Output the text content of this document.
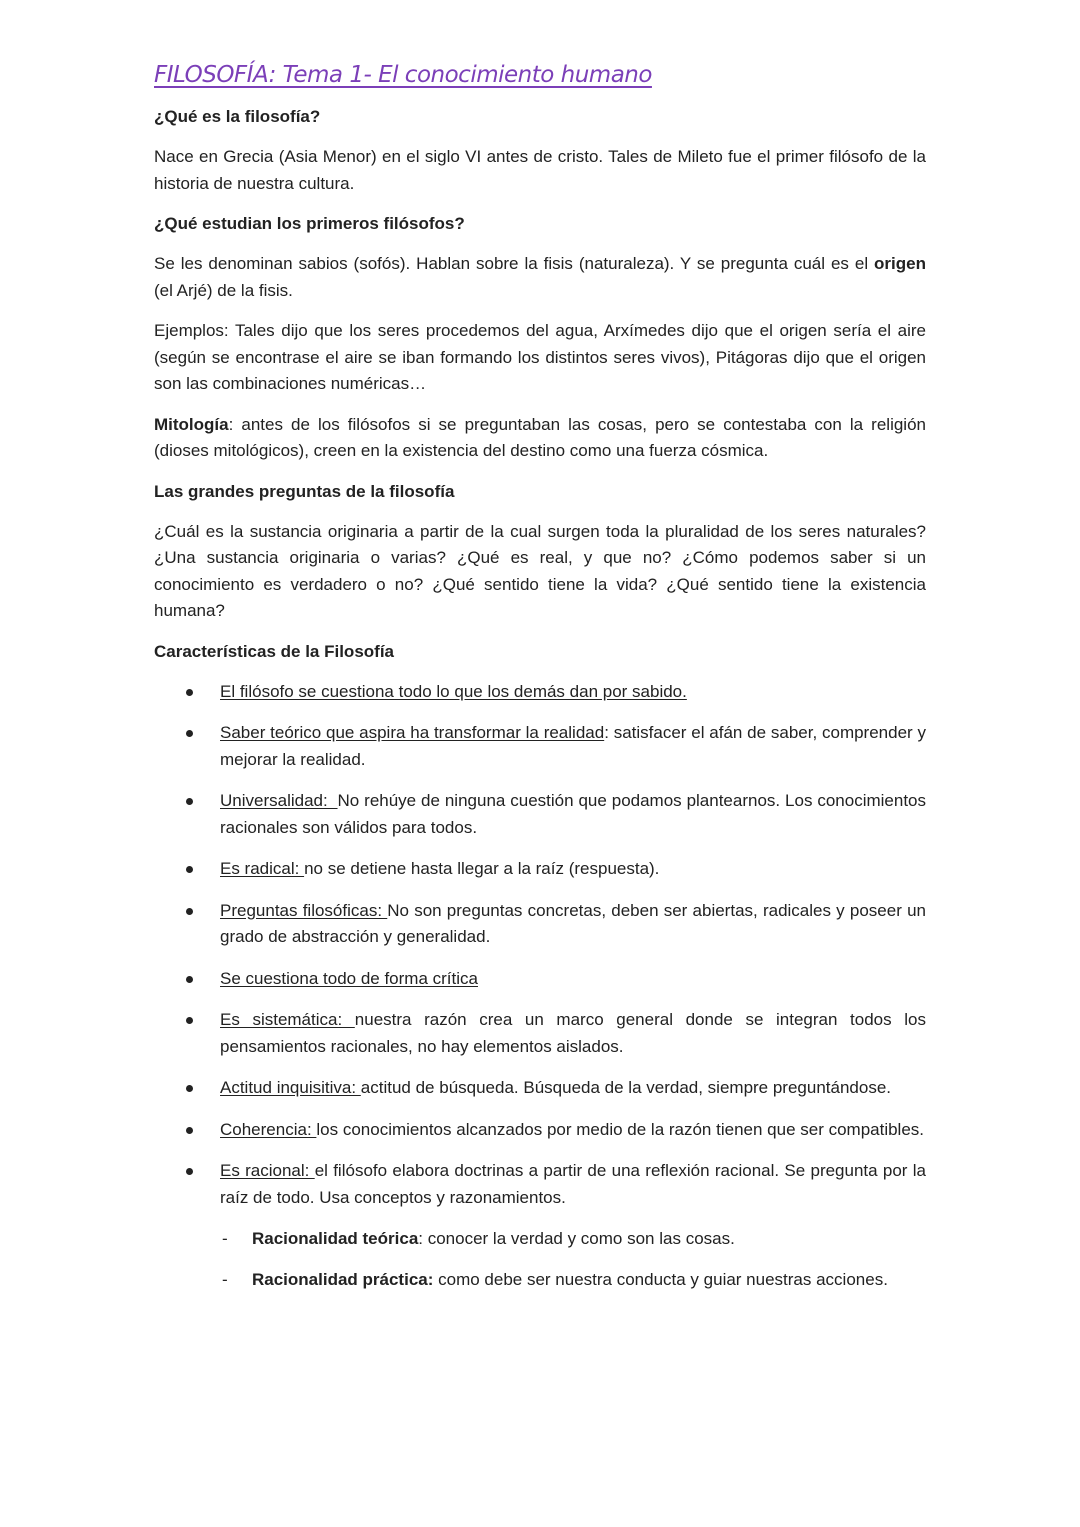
FILOSOFÍA: Tema 1- El conocimiento humano
¿Qué es la filosofía?

Nace en Grecia (Asia Menor) en el siglo VI antes de cristo. Tales de Mileto fue el primer filósofo de la historia de nuestra cultura.

¿Qué estudian los primeros filósofos?

Se les denominan sabios (sofós). Hablan sobre la fisis (naturaleza). Y se pregunta cuál es el origen (el Arjé) de la fisis.

Ejemplos: Tales dijo que los seres procedemos del agua, Arxímedes dijo que el origen sería el aire (según se encontrase el aire se iban formando los distintos seres vivos), Pitágoras dijo que el origen son las combinaciones numéricas…

Mitología: antes de los filósofos si se preguntaban las cosas, pero se contestaba con la religión (dioses mitológicos), creen en la existencia del destino como una fuerza cósmica.

Las grandes preguntas de la filosofía

¿Cuál es la sustancia originaria a partir de la cual surgen toda la pluralidad de los seres naturales? ¿Una sustancia originaria o varias? ¿Qué es real, y que no? ¿Cómo podemos saber si un conocimiento es verdadero o no? ¿Qué sentido tiene la vida? ¿Qué sentido tiene la existencia humana?

Características de la Filosofía
El filósofo se cuestiona todo lo que los demás dan por sabido.
Saber teórico que aspira ha transformar la realidad: satisfacer el afán de saber, comprender y mejorar la realidad.
Universalidad:  No rehúye de ninguna cuestión que podamos plantearnos. Los conocimientos racionales son válidos para todos.
Es radical: no se detiene hasta llegar a la raíz (respuesta).
Preguntas filosóficas: No son preguntas concretas, deben ser abiertas, radicales y poseer un grado de abstracción y generalidad.
Se cuestiona todo de forma crítica
Es sistemática: nuestra razón crea un marco general donde se integran todos los pensamientos racionales, no hay elementos aislados.
Actitud inquisitiva: actitud de búsqueda. Búsqueda de la verdad, siempre preguntándose.
Coherencia: los conocimientos alcanzados por medio de la razón tienen que ser compatibles.
Es racional: el filósofo elabora doctrinas a partir de una reflexión racional. Se pregunta por la raíz de todo. Usa conceptos y razonamientos.
- Racionalidad teórica: conocer la verdad y como son las cosas.
- Racionalidad práctica: como debe ser nuestra conducta y guiar nuestras acciones.
